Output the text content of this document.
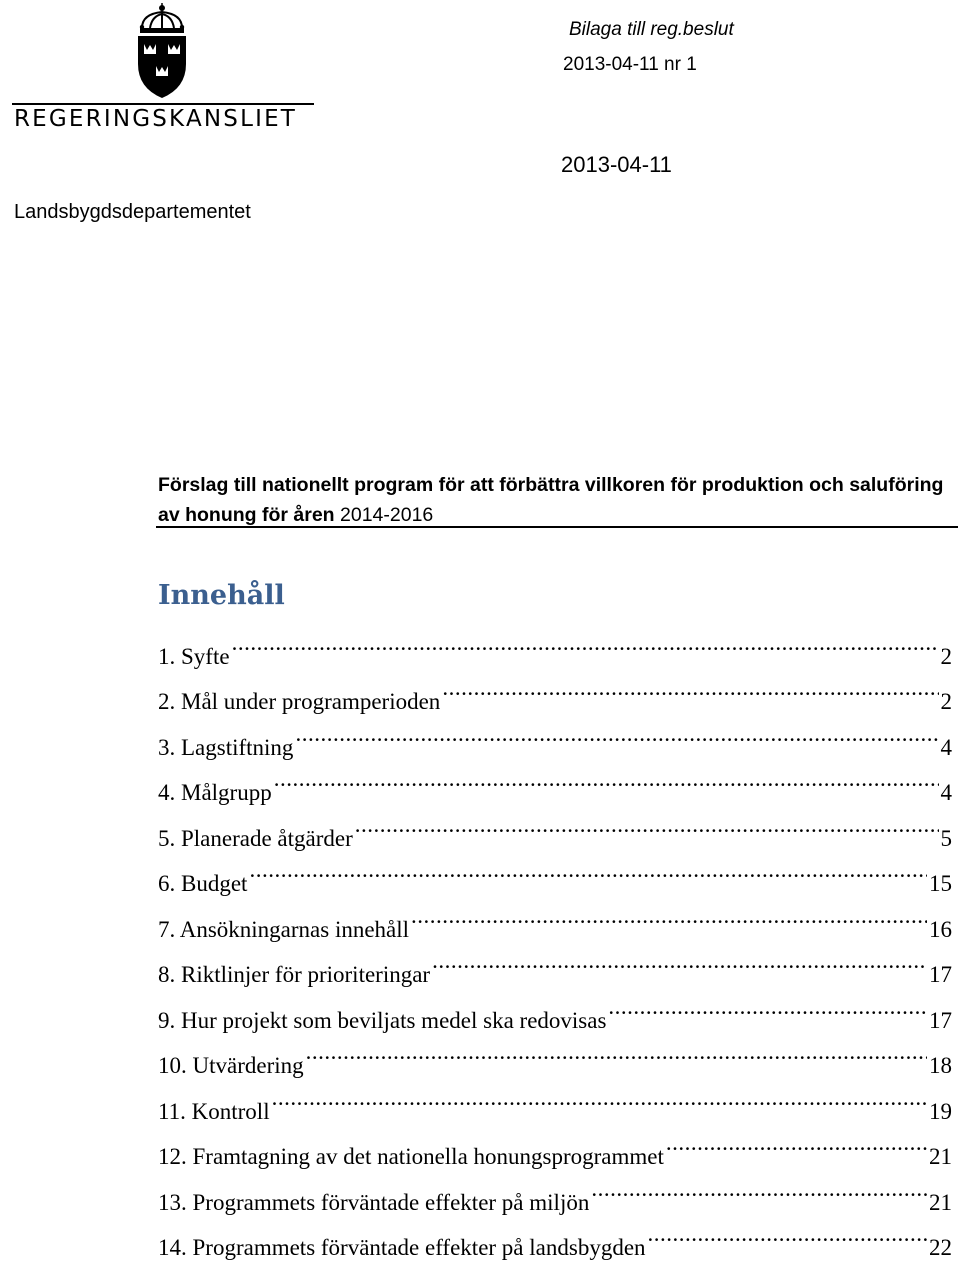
REGERINGSKANSLIET
Bilaga till reg.beslut
2013-04-11 nr 1
2013-04-11
Landsbygdsdepartementet
Förslag till nationellt program för att förbättra villkoren för produktion och saluföring av honung för åren 2014-2016
Innehåll
1. Syfte .....	2
2. Mål under programperioden .....	2
3. Lagstiftning .....	4
4. Målgrupp .....	4
5. Planerade åtgärder .....	5
6. Budget .....	15
7. Ansökningarnas innehåll .....	16
8. Riktlinjer för prioriteringar .....	17
9. Hur projekt som beviljats medel ska redovisas .....	17
10. Utvärdering .....	18
11. Kontroll .....	19
12. Framtagning av det nationella honungsprogrammet .....	21
13. Programmets förväntade effekter på miljön .....	21
14. Programmets förväntade effekter på landsbygden .....	22
